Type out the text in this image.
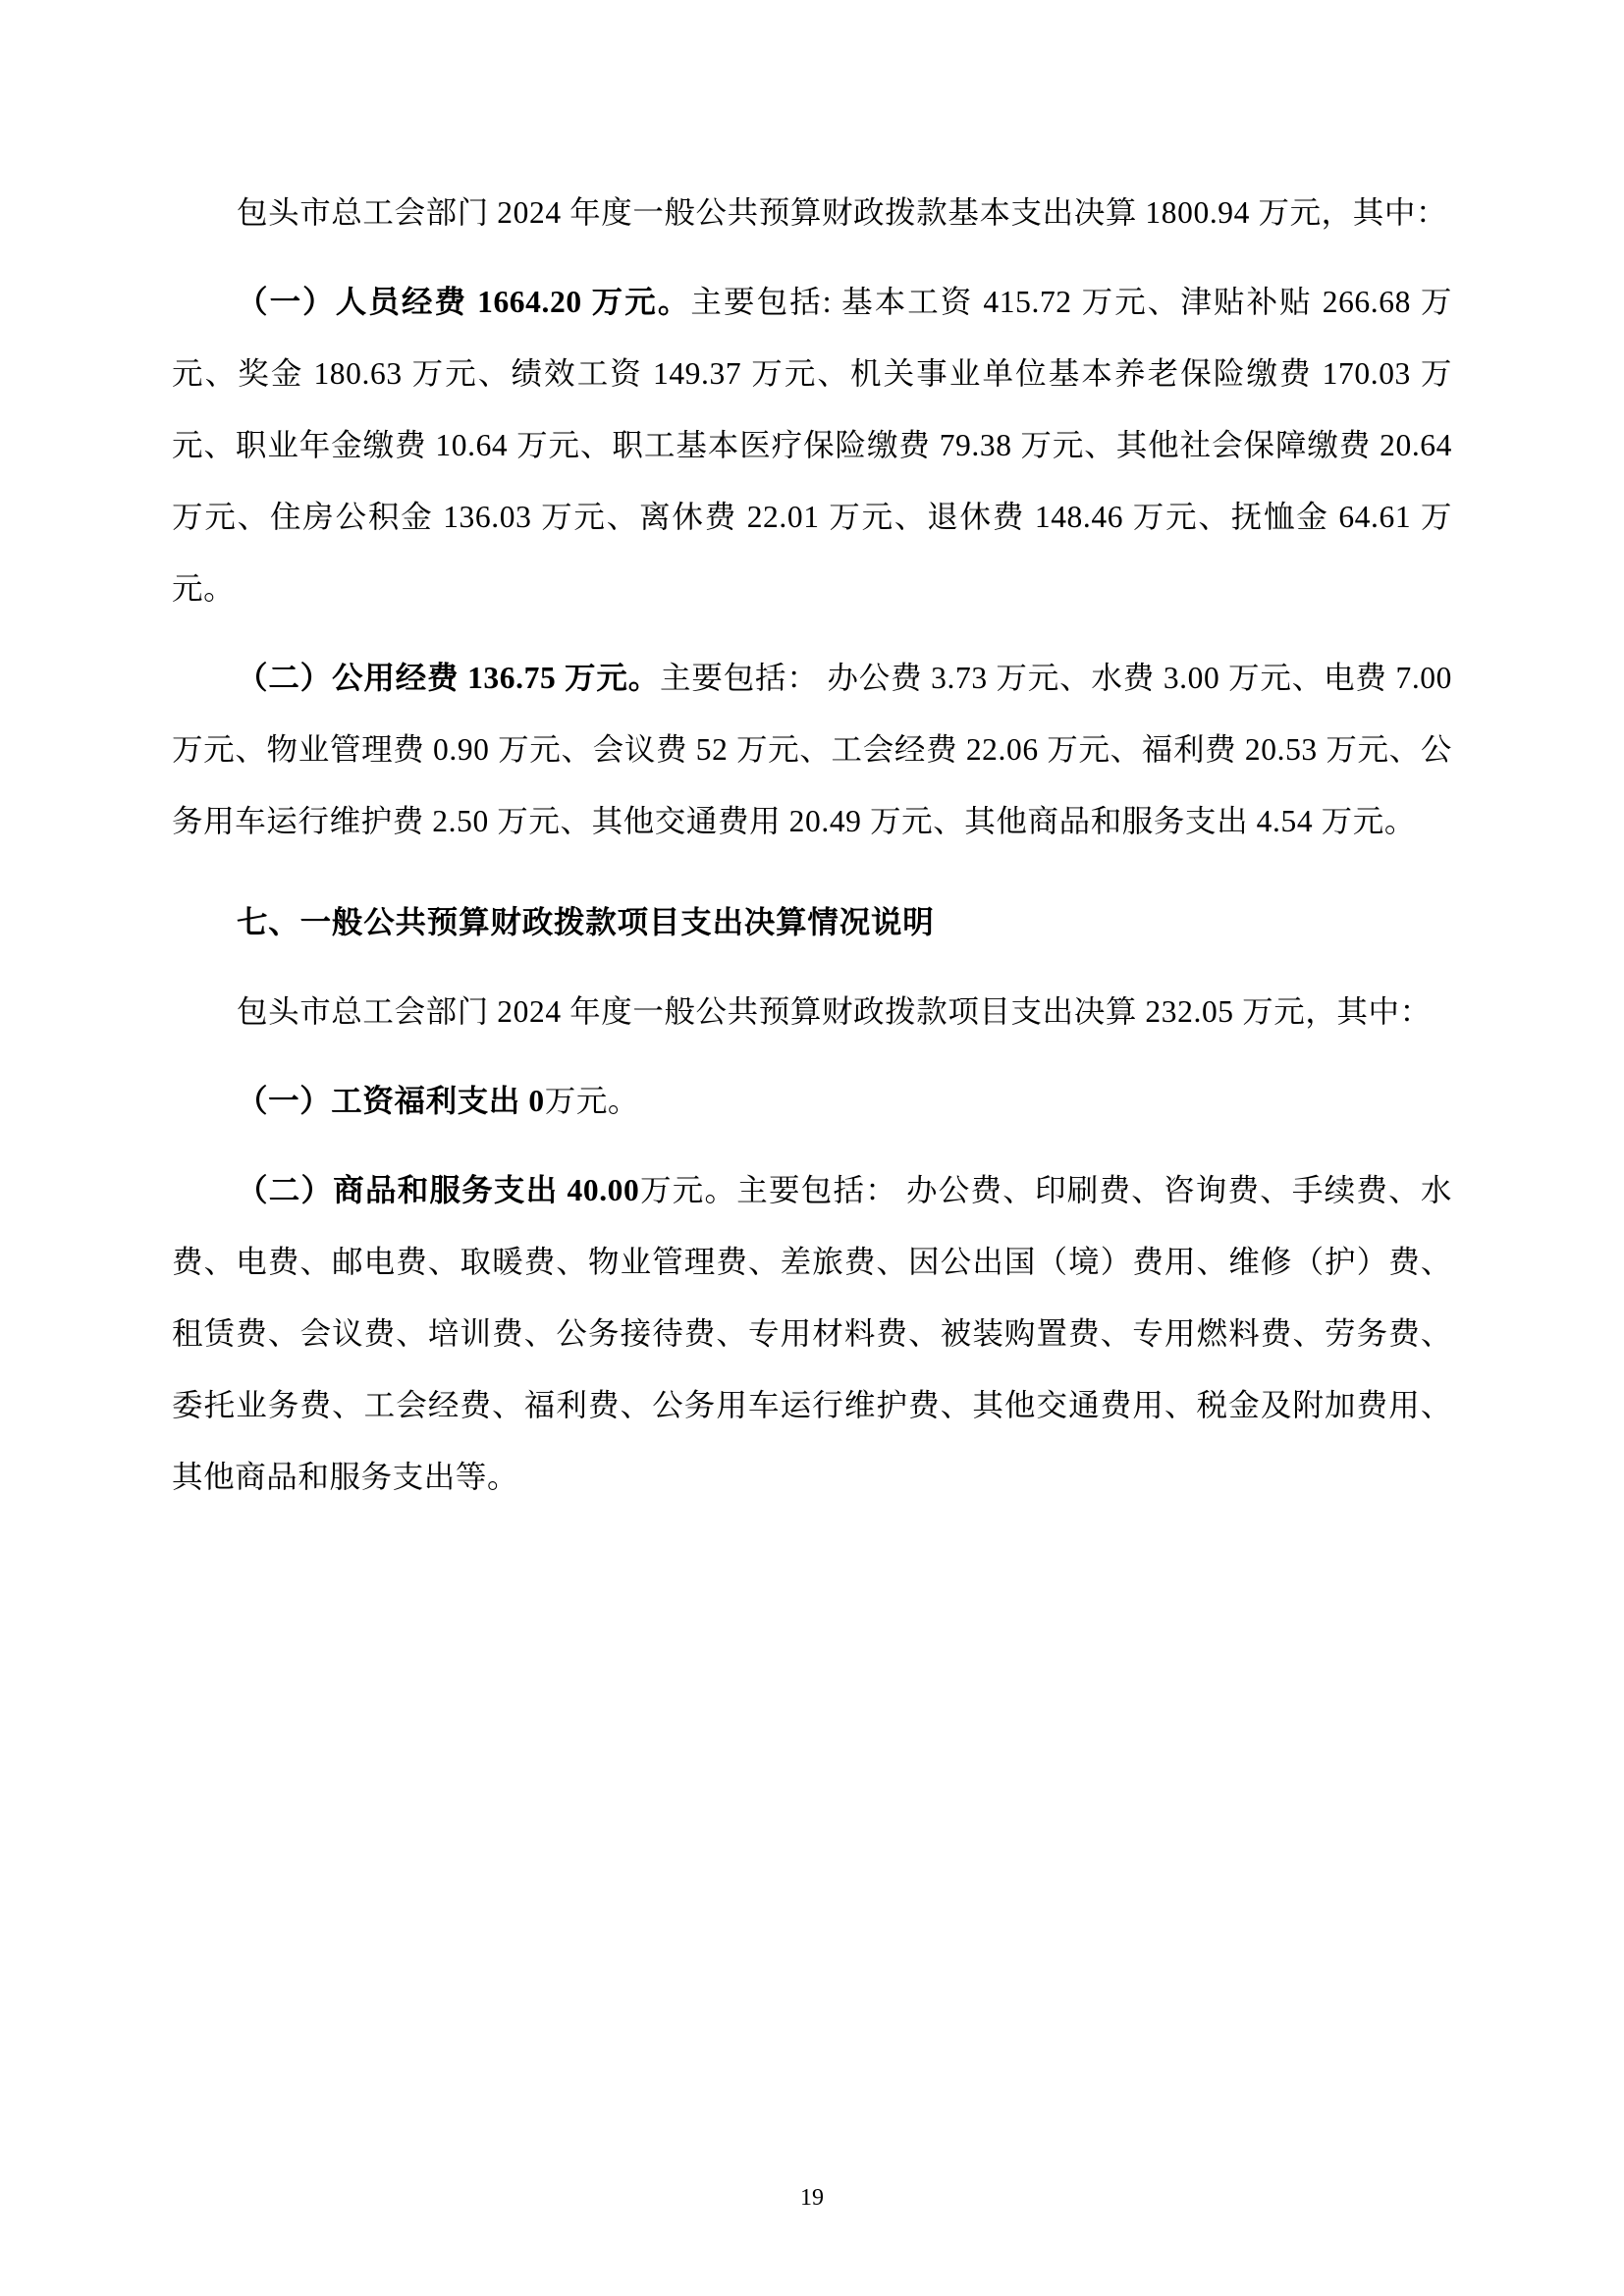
包头市总工会部门 2024 年度一般公共预算财政拨款基本支出决算 1800.94 万元，其中：

（一）人员经费 1664.20 万元。主要包括: 基本工资 415.72 万元、津贴补贴 266.68 万元、奖金 180.63 万元、绩效工资 149.37 万元、机关事业单位基本养老保险缴费 170.03 万元、职业年金缴费 10.64 万元、职工基本医疗保险缴费 79.38 万元、其他社会保障缴费 20.64 万元、住房公积金 136.03 万元、离休费 22.01 万元、退休费 148.46 万元、抚恤金 64.61 万元。

（二）公用经费 136.75 万元。主要包括： 办公费 3.73 万元、水费 3.00 万元、电费 7.00 万元、物业管理费 0.90 万元、会议费 52 万元、工会经费 22.06 万元、福利费 20.53 万元、公务用车运行维护费 2.50 万元、其他交通费用 20.49 万元、其他商品和服务支出 4.54 万元。

七、一般公共预算财政拨款项目支出决算情况说明

包头市总工会部门 2024 年度一般公共预算财政拨款项目支出决算 232.05 万元，其中：

（一）工资福利支出 0万元。

（二）商品和服务支出 40.00万元。主要包括： 办公费、印刷费、咨询费、手续费、水费、电费、邮电费、取暖费、物业管理费、差旅费、因公出国（境）费用、维修（护）费、租赁费、会议费、培训费、公务接待费、专用材料费、被装购置费、专用燃料费、劳务费、委托业务费、工会经费、福利费、公务用车运行维护费、其他交通费用、税金及附加费用、其他商品和服务支出等。

19
